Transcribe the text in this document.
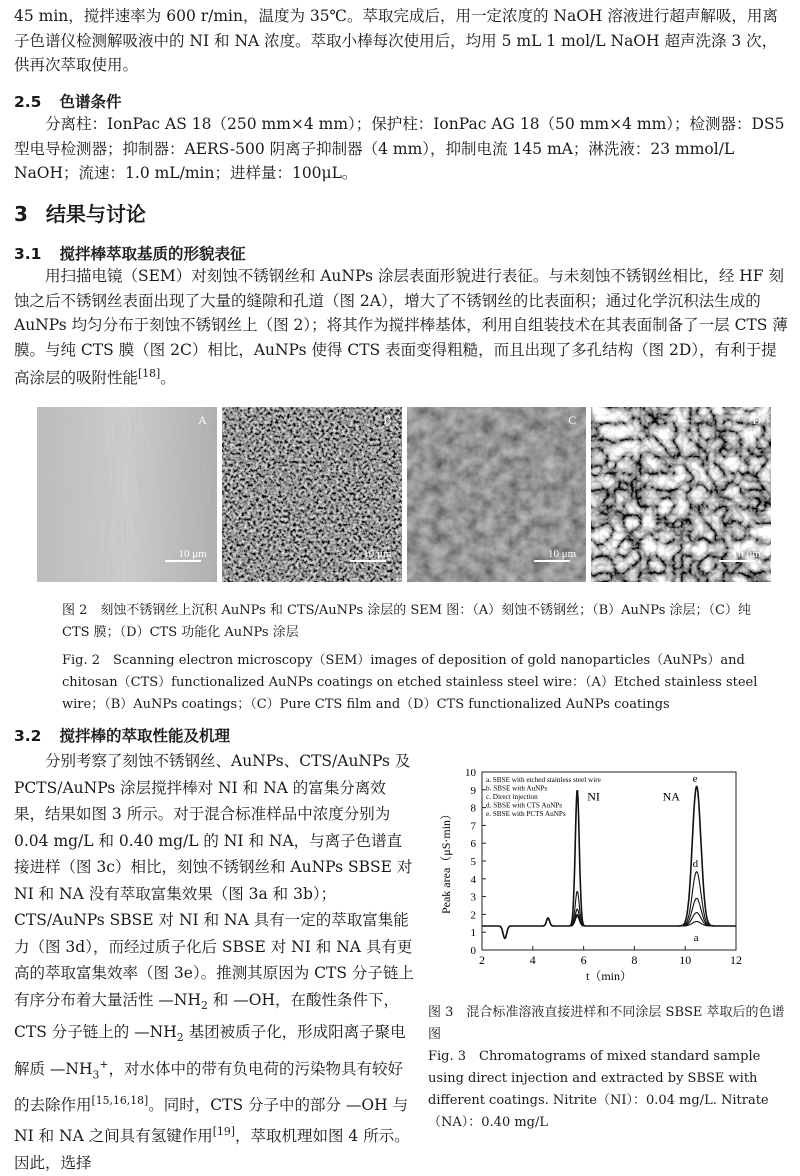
45 min，搅拌速率为 600 r/min，温度为 35℃。萃取完成后，用一定浓度的 NaOH 溶液进行超声解吸，用离子色谱仪检测解吸液中的 NI 和 NA 浓度。萃取小棒每次使用后，均用 5 mL 1 mol/L NaOH 超声洗涤 3 次，供再次萃取使用。

2.5 色谱条件

分离柱：IonPac AS 18（250 mm×4 mm）；保护柱：IonPac AG 18（50 mm×4 mm）；检测器：DS5 型电导检测器；抑制器：AERS-500 阴离子抑制器（4 mm），抑制电流 145 mA；淋洗液：23 mmol/L NaOH；流速：1.0 mL/min；进样量：100μL。

3 结果与讨论
3.1 搅拌棒萃取基质的形貌表征

用扫描电镜（SEM）对刻蚀不锈钢丝和 AuNPs 涂层表面形貌进行表征。与未刻蚀不锈钢丝相比，经 HF 刻蚀之后不锈钢丝表面出现了大量的缝隙和孔道（图 2A），增大了不锈钢丝的比表面积；通过化学沉积法生成的 AuNPs 均匀分布于刻蚀不锈钢丝上（图 2）；将其作为搅拌棒基体，利用自组装技术在其表面制备了一层 CTS 薄膜。与纯 CTS 膜（图 2C）相比，AuNPs 使得 CTS 表面变得粗糙，而且出现了多孔结构（图 2D），有利于提高涂层的吸附性能[18]。

A
10 μm
B
10 μm
C
10 μm
D
10 μm

图 2　刻蚀不锈钢丝上沉积 AuNPs 和 CTS/AuNPs 涂层的 SEM 图：（A）刻蚀不锈钢丝；（B）AuNPs 涂层；（C）纯 CTS 膜；（D）CTS 功能化 AuNPs 涂层

Fig. 2　Scanning electron microscopy（SEM）images of deposition of gold nanoparticles（AuNPs）and chitosan（CTS）functionalized AuNPs coatings on etched stainless steel wire：（A）Etched stainless steel wire；（B）AuNPs coatings；（C）Pure CTS film and（D）CTS functionalized AuNPs coatings

3.2 搅拌棒的萃取性能及机理

分别考察了刻蚀不锈钢丝、AuNPs、CTS/AuNPs 及 PCTS/AuNPs 涂层搅拌棒对 NI 和 NA 的富集分离效果，结果如图 3 所示。对于混合标准样品中浓度分别为 0.04 mg/L 和 0.40 mg/L 的 NI 和 NA，与离子色谱直接进样（图 3c）相比，刻蚀不锈钢丝和 AuNPs SBSE 对 NI 和 NA 没有萃取富集效果（图 3a 和 3b）；CTS/AuNPs SBSE 对 NI 和 NA 具有一定的萃取富集能力（图 3d），而经过质子化后 SBSE 对 NI 和 NA 具有更高的萃取富集效率（图 3e）。推测其原因为 CTS 分子链上有序分布着大量活性 $—NH_2$ 和 —OH，在酸性条件下，CTS 分子链上的 $—NH_2$ 基团被质子化，形成阳离子聚电解质 $—NH_3^+$，对水体中的带有负电荷的污染物具有较好的去除作用[15,16,18]。同时，CTS 分子中的部分 —OH 与 NI 和 NA 之间具有氢键作用[19]，萃取机理如图 4 所示。因此，选择

2	4	6	8	10	12
0
1
2
3
4
5
6
7
8
9
10
a
d
e
a. SBSE with etched stainless steel wire
b. SBSE with AuNPs
c. Direct injection
d. SBSE with CTS AuNPs
e. SBSE with PCTS AuNPs
Peak area（μS·min）
t（min）
NI	NA

图 3　混合标准溶液直接进样和不同涂层 SBSE 萃取后的色谱图

Fig. 3　Chromatograms of mixed standard sample using direct injection and extracted by SBSE with different coatings. Nitrite（NI）：0.04 mg/L. Nitrate（NA）：0.40 mg/L
